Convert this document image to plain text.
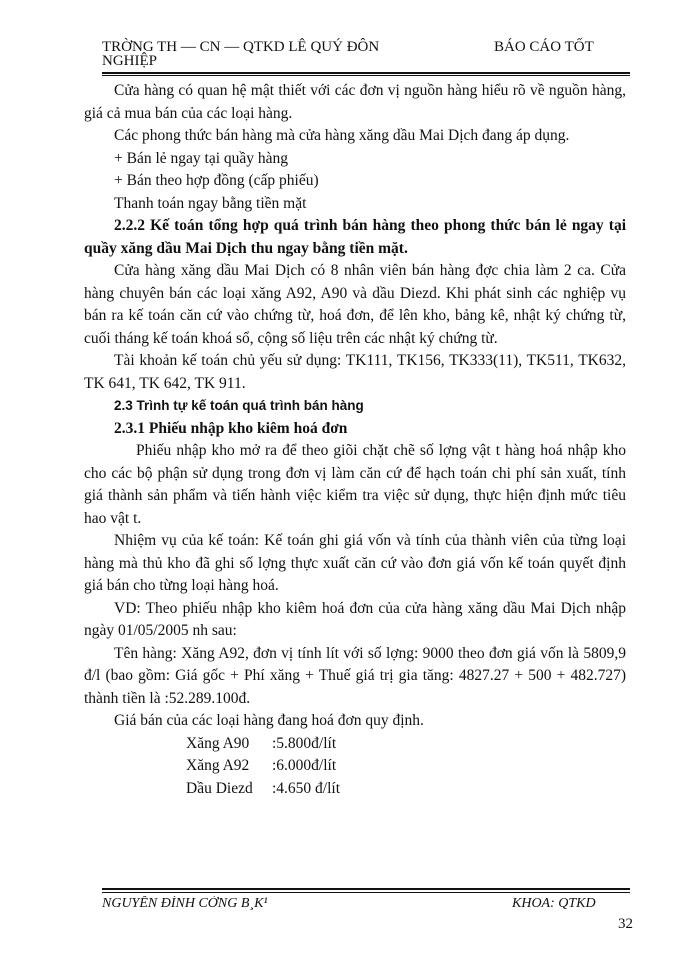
TRỜNG TH — CN — QTKD LÊ QUÝ ĐÔN NGHIỆP
BÁO CÁO TỐT

Cửa hàng có quan hệ mật thiết với các đơn vị nguồn hàng hiểu rõ về nguồn hàng, giá cả mua bán của các loại hàng.

Các phong thức bán hàng mà cửa hàng xăng dầu Mai Dịch đang áp dụng.

+ Bán lẻ ngay tại quầy hàng

+ Bán theo hợp đồng (cấp phiếu)

Thanh toán ngay bằng tiền mặt

2.2.2 Kế toán tổng hợp quá trình bán hàng theo phong thức bán lẻ ngay tại quầy xăng dầu Mai Dịch thu ngay bằng tiền mặt.

Cửa hàng xăng dầu Mai Dịch có 8 nhân viên bán hàng đợc chia làm 2 ca. Cửa hàng chuyên bán các loại xăng A92, A90 và dầu Diezd. Khi phát sinh các nghiệp vụ bán ra kế toán căn cứ vào chứng từ, hoá đơn, để lên kho, bảng kê, nhật ký chứng từ, cuối tháng kế toán khoá sổ, cộng số liệu trên các nhật ký chứng từ.

Tài khoản kế toán chủ yếu sử dụng: TK111, TK156, TK333(11), TK511, TK632, TK 641, TK 642, TK 911.

2.3 Trình tự kế toán quá trình bán hàng

2.3.1 Phiếu nhập kho kiêm hoá đơn

Phiếu nhập kho mở ra để theo giõi chặt chẽ số lợng vật t hàng hoá nhập kho cho các bộ phận sử dụng trong đơn vị làm căn cứ để hạch toán chi phí sản xuất, tính giá thành sản phẩm và tiến hành việc kiểm tra việc sử dụng, thực hiện định mức tiêu hao vật t.

Nhiệm vụ của kế toán: Kế toán ghi giá vốn và tính của thành viên của từng loại hàng mà thủ kho đã ghi số lợng thực xuất căn cứ vào đơn giá vốn kế toán quyết định giá bán cho từng loại hàng hoá.

VD: Theo phiếu nhập kho kiêm hoá đơn của cửa hàng xăng dầu Mai Dịch nhập ngày 01/05/2005 nh sau:

Tên hàng: Xăng A92, đơn vị tính lít với số lợng: 9000 theo đơn giá vốn là 5809,9 đ/l (bao gồm: Giá gốc + Phí xăng + Thuế giá trị gia tăng: 4827.27 + 500 + 482.727) thành tiền là :52.289.100đ.

Giá bán của các loại hàng đang hoá đơn quy định.

Xăng A90 :5.800đ/lít

Xăng A92 :6.000đ/lít

Dầu Diezd :4.650 đ/lít

NGUYỄN ĐÌNH CỜNG B¸K¹	KHOA: QTKD
32
